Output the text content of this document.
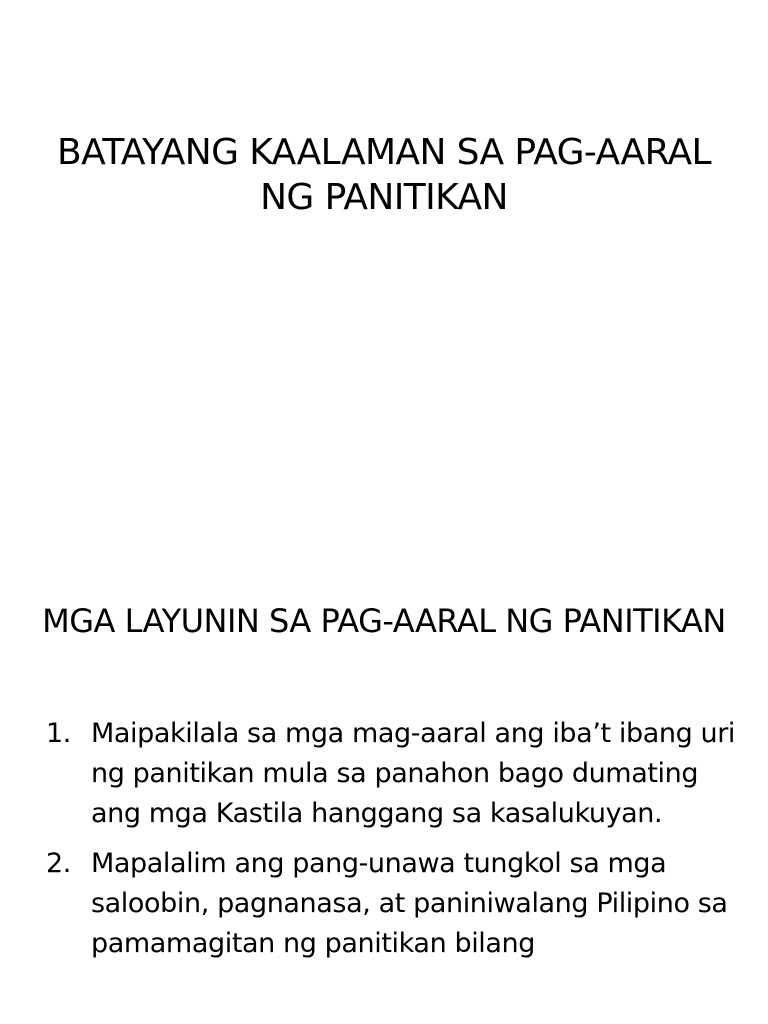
BATAYANG KAALAMAN SA PAG-AARAL NG PANITIKAN
MGA LAYUNIN SA PAG-AARAL NG PANITIKAN
1. Maipakilala sa mga mag-aaral ang iba’t ibang uri ng panitikan mula sa panahon bago dumating ang mga Kastila hanggang sa kasalukuyan.
2. Mapalalim ang pang-unawa tungkol sa mga saloobin, pagnanasa, at paniniwalang Pilipino sa pamamagitan ng panitikan bilang
